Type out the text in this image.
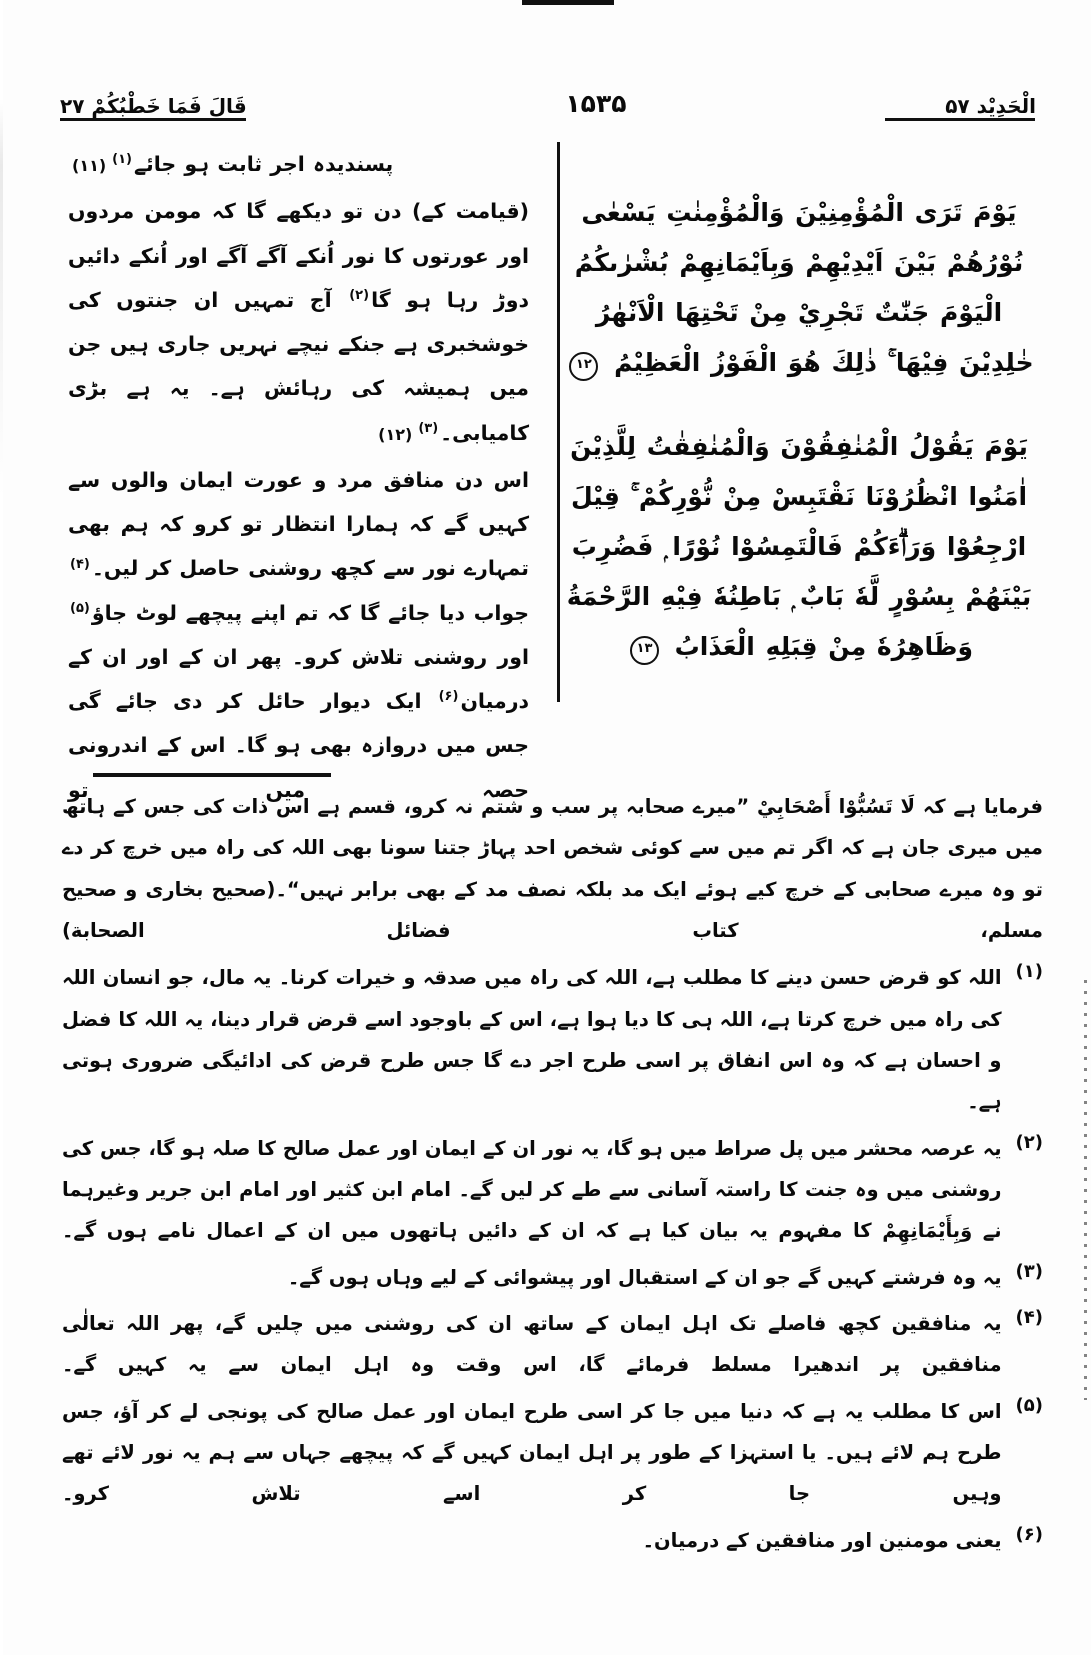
الْحَدِيْد ۵۷
۱۵۳۵
قَالَ فَمَا خَطْبُكُمْ ۲۷
يَوْمَ تَرَى الْمُؤْمِنِيْنَ وَالْمُؤْمِنٰتِ يَسْعٰى نُوْرُهُمْ بَيْنَ اَيْدِيْهِمْ وَبِاَيْمَانِهِمْ بُشْرٰىكُمُ الْيَوْمَ جَنّٰتٌ تَجْرِيْ مِنْ تَحْتِهَا الْاَنْهٰرُ خٰلِدِيْنَ فِيْهَا ۚ ذٰلِكَ هُوَ الْفَوْزُ الْعَظِيْمُ ۱۲
يَوْمَ يَقُوْلُ الْمُنٰفِقُوْنَ وَالْمُنٰفِقٰتُ لِلَّذِيْنَ اٰمَنُوا انْظُرُوْنَا نَقْتَبِسْ مِنْ نُّوْرِكُمْ ۚ قِيْلَ ارْجِعُوْا وَرَاۗءَكُمْ فَالْتَمِسُوْا نُوْرًا ۭ فَضُرِبَ بَيْنَهُمْ بِسُوْرٍ لَّهٗ بَابٌ ۭ بَاطِنُهٗ فِيْهِ الرَّحْمَةُ وَظَاهِرُهٗ مِنْ قِبَلِهِ الْعَذَابُ ۱۳

پسندیدہ اجر ثابت ہو جائے$^{(۱)}$(۱۱)

(قیامت کے) دن تو دیکھے گا کہ مومن مردوں اور عورتوں کا نور اُنکے آگے آگے اور اُنکے دائیں دوڑ رہا ہو گا$^{(۲)}$ آج تمہیں ان جنتوں کی خوشخبری ہے جنکے نیچے نہریں جاری ہیں جن میں ہمیشہ کی رہائش ہے۔ یہ ہے بڑی کامیابی۔$^{(۳)}$(۱۲)

اس دن منافق مرد و عورت ایمان والوں سے کہیں گے کہ ہمارا انتظار تو کرو کہ ہم بھی تمہارے نور سے کچھ روشنی حاصل کر لیں۔$^{(۴)}$ جواب دیا جائے گا کہ تم اپنے پیچھے لوٹ جاؤ$^{(۵)}$ اور روشنی تلاش کرو۔ پھر ان کے اور ان کے درمیان$^{(۶)}$ ایک دیوار حائل کر دی جائے گی جس میں دروازہ بھی ہو گا۔ اس کے اندرونی حصہ میں تو

فرمایا ہے کہ لَا تَسُبُّوْا أَصْحَابِيْ ”میرے صحابہ پر سب و شتم نہ کرو، قسم ہے اس ذات کی جس کے ہاتھ میں میری جان ہے کہ اگر تم میں سے کوئی شخص احد پہاڑ جتنا سونا بھی اللہ کی راہ میں خرچ کر دے تو وہ میرے صحابی کے خرچ کیے ہوئے ایک مد بلکہ نصف مد کے بھی برابر نہیں“۔(صحیح بخاری و صحیح مسلم، کتاب فضائل الصحابة)

(۱)
اللہ کو قرض حسن دینے کا مطلب ہے، اللہ کی راہ میں صدقہ و خیرات کرنا۔ یہ مال، جو انسان اللہ کی راہ میں خرچ کرتا ہے، اللہ ہی کا دیا ہوا ہے، اس کے باوجود اسے قرض قرار دینا، یہ اللہ کا فضل و احسان ہے کہ وہ اس انفاق پر اسی طرح اجر دے گا جس طرح قرض کی ادائیگی ضروری ہوتی ہے۔
(۲)
یہ عرصہ محشر میں پل صراط میں ہو گا، یہ نور ان کے ایمان اور عمل صالح کا صلہ ہو گا، جس کی روشنی میں وہ جنت کا راستہ آسانی سے طے کر لیں گے۔ امام ابن کثیر اور امام ابن جریر وغیرہما نے وَبِأَيْمَانِهِمْ کا مفہوم یہ بیان کیا ہے کہ ان کے دائیں ہاتھوں میں ان کے اعمال نامے ہوں گے۔
(۳)
یہ وہ فرشتے کہیں گے جو ان کے استقبال اور پیشوائی کے لیے وہاں ہوں گے۔
(۴)
یہ منافقین کچھ فاصلے تک اہل ایمان کے ساتھ ان کی روشنی میں چلیں گے، پھر اللہ تعالٰی منافقین پر اندھیرا مسلط فرمائے گا، اس وقت وہ اہل ایمان سے یہ کہیں گے۔
(۵)
اس کا مطلب یہ ہے کہ دنیا میں جا کر اسی طرح ایمان اور عمل صالح کی پونجی لے کر آؤ، جس طرح ہم لائے ہیں۔ یا استہزا کے طور پر اہل ایمان کہیں گے کہ پیچھے جہاں سے ہم یہ نور لائے تھے وہیں جا کر اسے تلاش کرو۔
(۶)
یعنی مومنین اور منافقین کے درمیان۔
